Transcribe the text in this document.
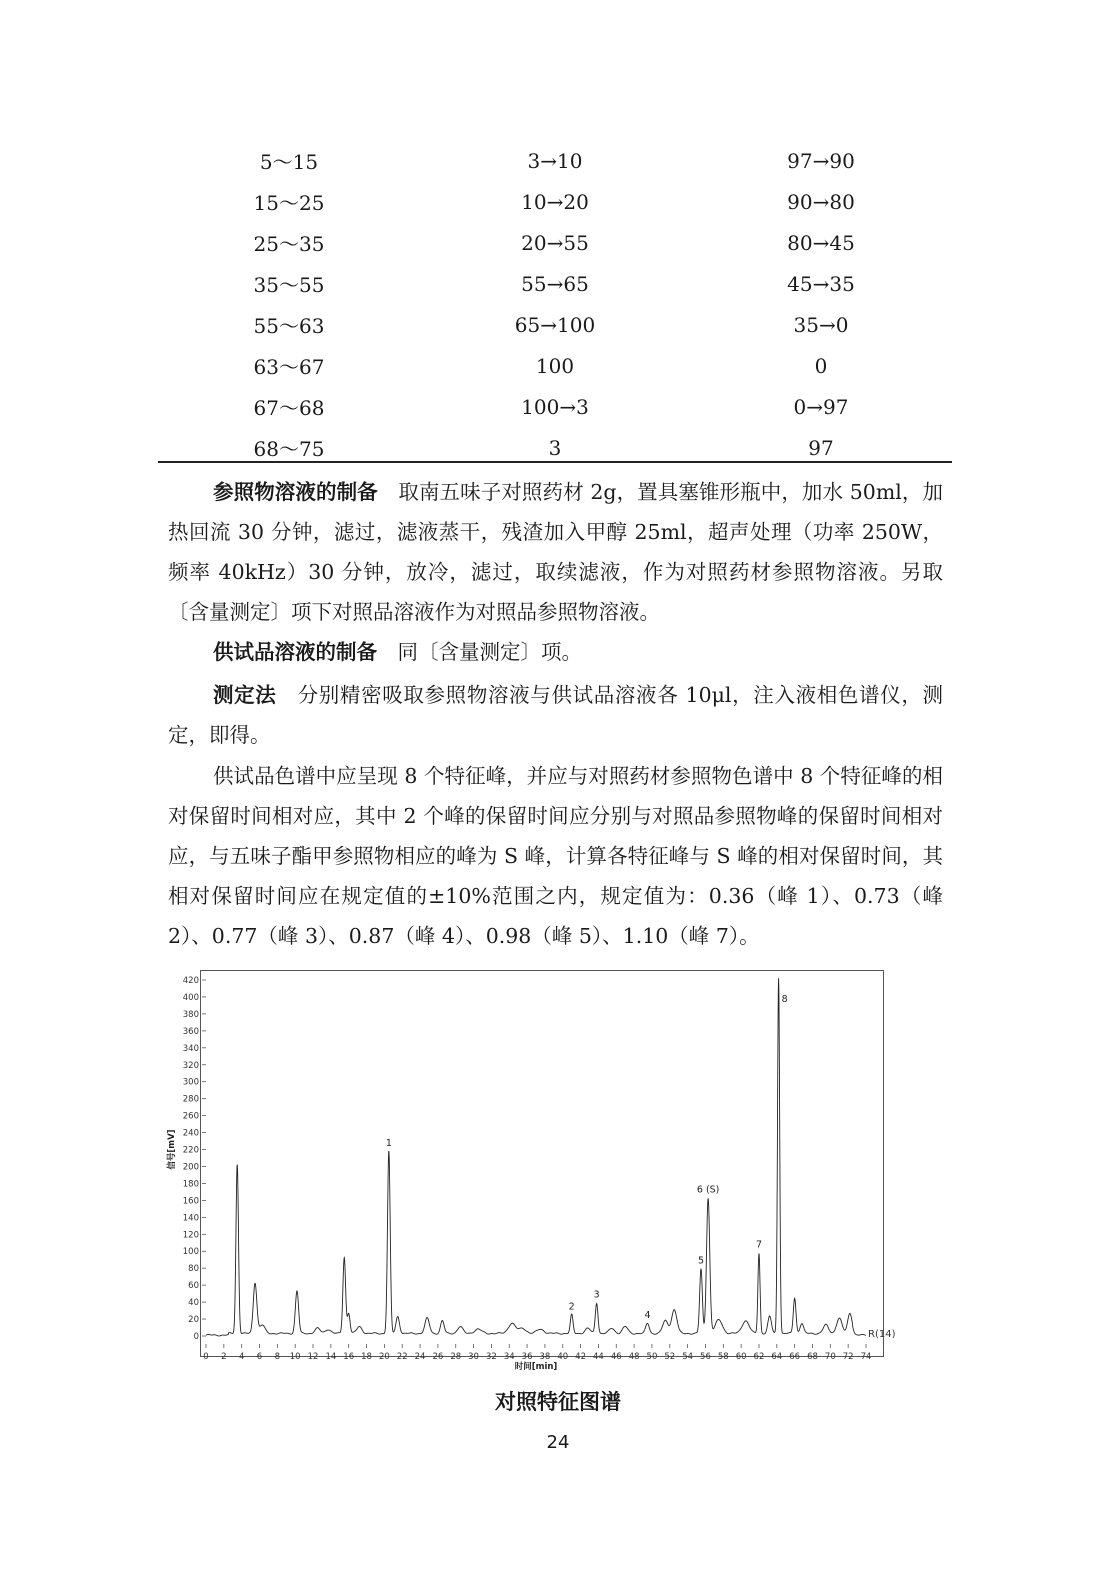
5～15	3→10	97→90
15～25	10→20	90→80
25～35	20→55	80→45
35～55	55→65	45→35
55～63	65→100	35→0
63～67	100	0
67～68	100→3	0→97
68～75	3	97

参照物溶液的制备  取南五味子对照药材 2g，置具塞锥形瓶中，加水 50ml，加热回流 30 分钟，滤过，滤液蒸干，残渣加入甲醇 25ml，超声处理（功率 250W，频率 40kHz）30 分钟，放冷，滤过，取续滤液，作为对照药材参照物溶液。另取〔含量测定〕项下对照品溶液作为对照品参照物溶液。

供试品溶液的制备  同〔含量测定〕项。

测定法  分别精密吸取参照物溶液与供试品溶液各 10μl，注入液相色谱仪，测定，即得。

供试品色谱中应呈现 8 个特征峰，并应与对照药材参照物色谱中 8 个特征峰的相对保留时间相对应，其中 2 个峰的保留时间应分别与对照品参照物峰的保留时间相对应，与五味子酯甲参照物相应的峰为 S 峰，计算各特征峰与 S 峰的相对保留时间，其相对保留时间应在规定值的±10%范围之内，规定值为：0.36（峰 1）、0.73（峰 2）、0.77（峰 3）、0.87（峰 4）、0.98（峰 5）、1.10（峰 7）。

0
20
40
60
80
100
120
140
160
180
200
220
240
260
280
300
320
340
360
380
400
420
0 2 4 6 8 10 12 14 16 18 20 22 24 26 28 30 32 34 36 38 40 42 44 46 48 50 52 54 56 58 60 62 64 66 68 70 72 74
时间[min]
信号[mV]
R(14)
1
2
3
4
5
6 (S)
7
8
对照特征图谱
24
